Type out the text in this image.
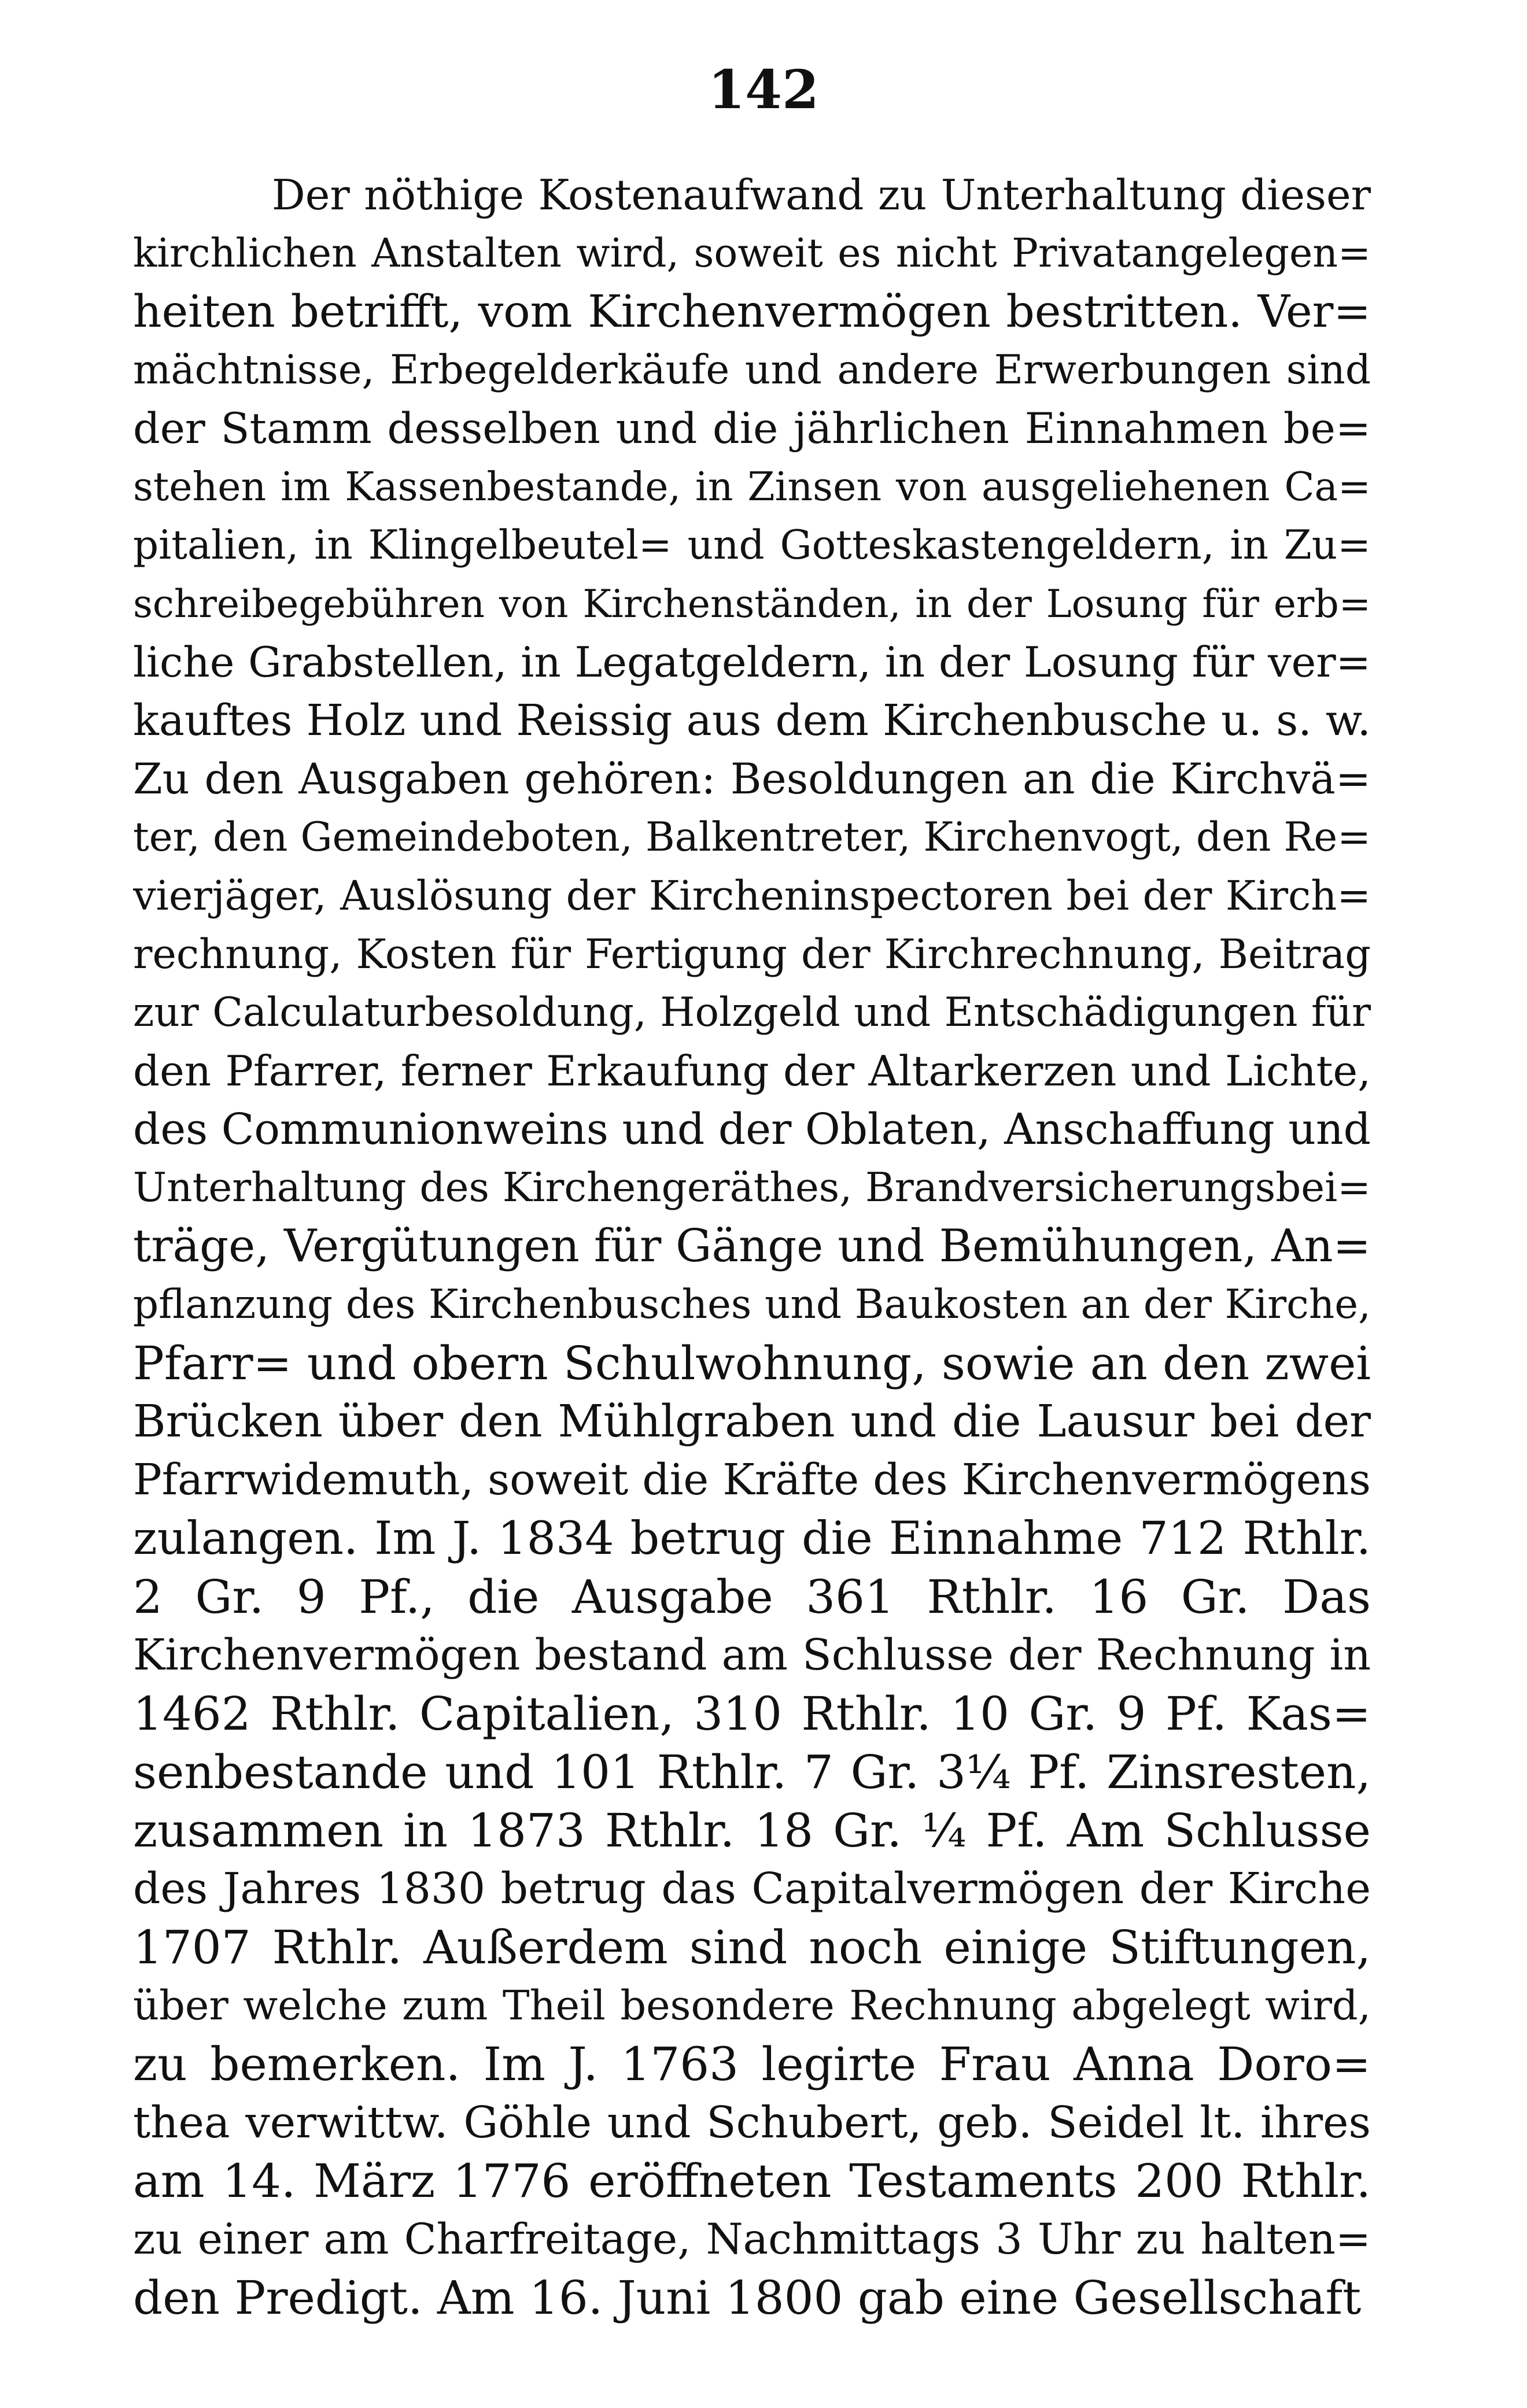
142
Der nöthige Kostenaufwand zu Unterhaltung dieser
kirchlichen Anstalten wird, soweit es nicht Privatangelegen=
heiten betrifft, vom Kirchenvermögen bestritten. Ver=
mächtnisse, Erbegelderkäufe und andere Erwerbungen sind
der Stamm desselben und die jährlichen Einnahmen be=
stehen im Kassenbestande, in Zinsen von ausgeliehenen Ca=
pitalien, in Klingelbeutel= und Gotteskastengeldern, in Zu=
schreibegebühren von Kirchenständen, in der Losung für erb=
liche Grabstellen, in Legatgeldern, in der Losung für ver=
kauftes Holz und Reissig aus dem Kirchenbusche u. s. w.
Zu den Ausgaben gehören: Besoldungen an die Kirchvä=
ter, den Gemeindeboten, Balkentreter, Kirchenvogt, den Re=
vierjäger, Auslösung der Kircheninspectoren bei der Kirch=
rechnung, Kosten für Fertigung der Kirchrechnung, Beitrag
zur Calculaturbesoldung, Holzgeld und Entschädigungen für
den Pfarrer, ferner Erkaufung der Altarkerzen und Lichte,
des Communionweins und der Oblaten, Anschaffung und
Unterhaltung des Kirchengeräthes, Brandversicherungsbei=
träge, Vergütungen für Gänge und Bemühungen, An=
pflanzung des Kirchenbusches und Baukosten an der Kirche,
Pfarr= und obern Schulwohnung, sowie an den zwei
Brücken über den Mühlgraben und die Lausur bei der
Pfarrwidemuth, soweit die Kräfte des Kirchenvermögens
zulangen. Im J. 1834 betrug die Einnahme 712 Rthlr.
2 Gr. 9 Pf., die Ausgabe 361 Rthlr. 16 Gr. Das
Kirchenvermögen bestand am Schlusse der Rechnung in
1462 Rthlr. Capitalien, 310 Rthlr. 10 Gr. 9 Pf. Kas=
senbestande und 101 Rthlr. 7 Gr. 3¼ Pf. Zinsresten,
zusammen in 1873 Rthlr. 18 Gr. ¼ Pf. Am Schlusse
des Jahres 1830 betrug das Capitalvermögen der Kirche
1707 Rthlr. Außerdem sind noch einige Stiftungen,
über welche zum Theil besondere Rechnung abgelegt wird,
zu bemerken. Im J. 1763 legirte Frau Anna Doro=
thea verwittw. Göhle und Schubert, geb. Seidel lt. ihres
am 14. März 1776 eröffneten Testaments 200 Rthlr.
zu einer am Charfreitage, Nachmittags 3 Uhr zu halten=
den Predigt. Am 16. Juni 1800 gab eine Gesellschaft
